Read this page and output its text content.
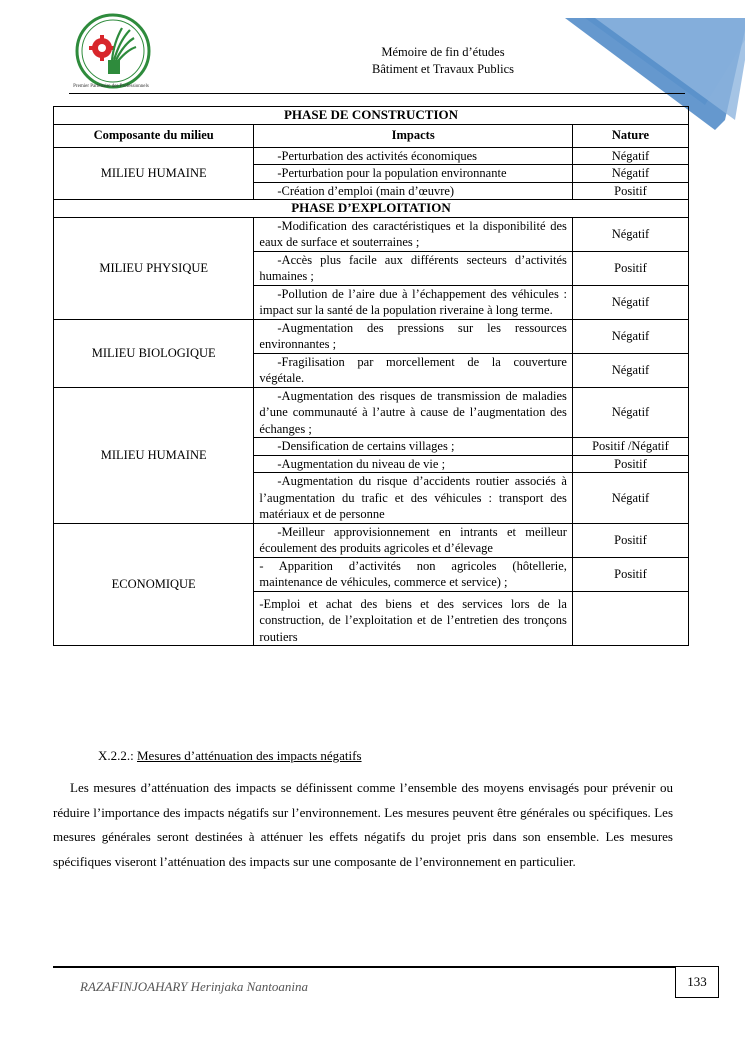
Premier Partenaire des Professionnels
Mémoire de fin d’études
Bâtiment et Travaux Publics
PHASE DE CONSTRUCTION		
Composante du milieu	Impacts	Nature
MILIEU HUMAINE	-Perturbation des activités économiques	Négatif
	-Perturbation pour la population environnante	Négatif
	-Création d’emploi (main d’œuvre)	Positif
PHASE D’EXPLOITATION		
MILIEU PHYSIQUE	-Modification des caractéristiques et la disponibilité des eaux de surface et souterraines ;	Négatif
	-Accès plus facile aux différents secteurs d’activités humaines ;	Positif
	-Pollution de l’aire due à l’échappement des véhicules : impact sur la santé de la population riveraine à long terme.	Négatif
MILIEU BIOLOGIQUE	-Augmentation des pressions sur les ressources environnantes ;	Négatif
	-Fragilisation par morcellement de la couverture végétale.	Négatif
MILIEU HUMAINE	-Augmentation des risques de transmission de maladies d’une communauté à l’autre à cause de l’augmentation des échanges ;	Négatif
	-Densification de certains villages ;	Positif /Négatif
	-Augmentation du niveau de vie ;	Positif
	-Augmentation du risque d’accidents routier associés à l’augmentation du trafic et des véhicules : transport des matériaux et de personne	Négatif
ECONOMIQUE	-Meilleur approvisionnement en intrants et meilleur écoulement des produits agricoles et d’élevage	Positif
	- Apparition d’activités non agricoles (hôtellerie, maintenance de véhicules, commerce et service) ;	Positif
	-Emploi et achat des biens et des services lors de la construction, de l’exploitation et de l’entretien des tronçons routiers	
X.2.2.: Mesures d’atténuation des impacts négatifs
Les mesures d’atténuation des impacts se définissent comme l’ensemble des moyens envisagés pour prévenir ou réduire l’importance des impacts négatifs sur l’environnement. Les mesures peuvent être générales ou spécifiques. Les mesures générales seront destinées à atténuer les effets négatifs du projet pris dans son ensemble. Les mesures spécifiques viseront l’atténuation des impacts sur une composante de l’environnement en particulier.
RAZAFINJOAHARY Herinjaka Nantoanina	133
